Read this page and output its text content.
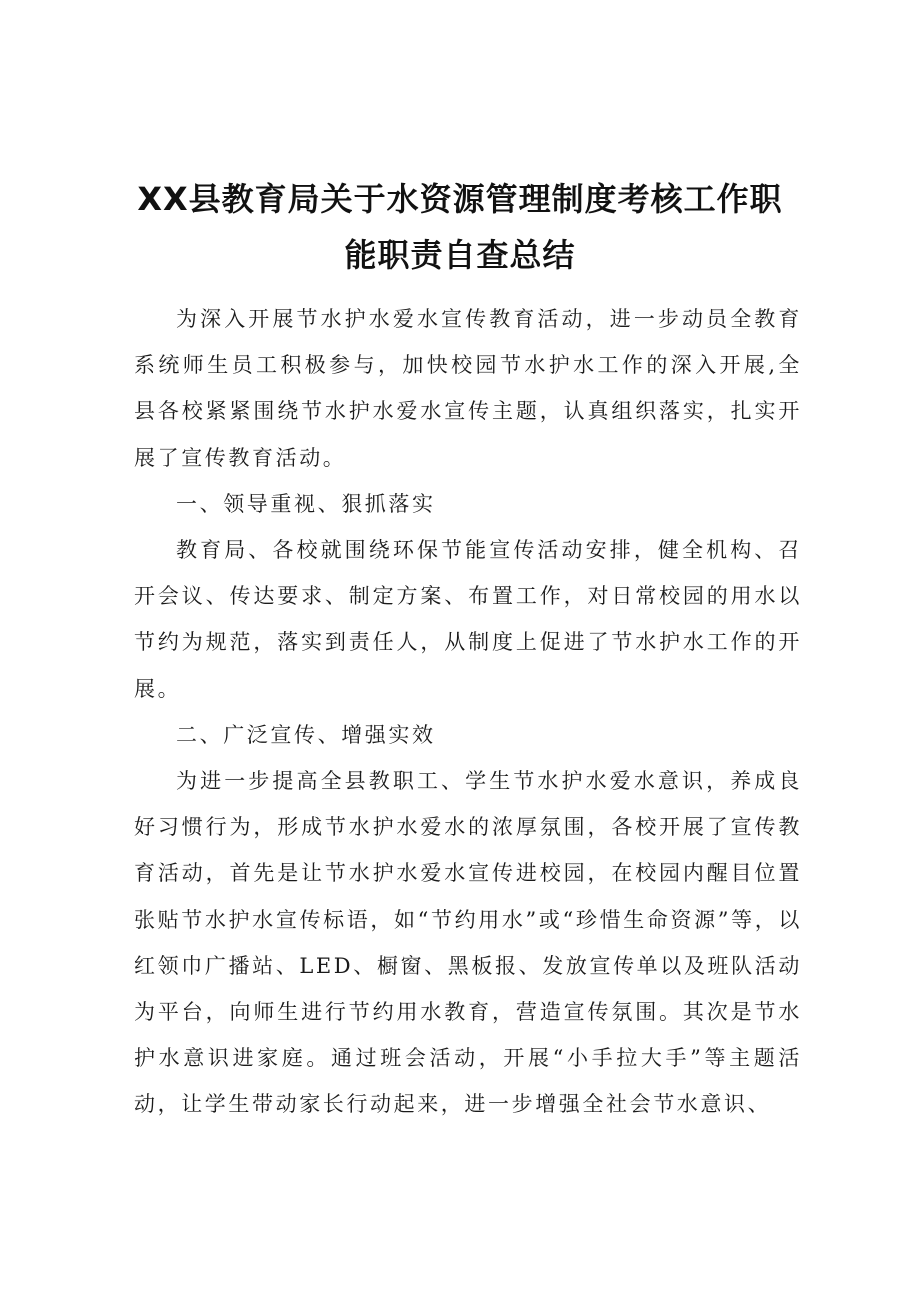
XX县教育局关于水资源管理制度考核工作职
能职责自查总结

为深入开展节水护水爱水宣传教育活动，进一步动员全教育系统师生员工积极参与，加快校园节水护水工作的深入开展,全县各校紧紧围绕节水护水爱水宣传主题，认真组织落实，扎实开展了宣传教育活动。

一、领导重视、狠抓落实

教育局、各校就围绕环保节能宣传活动安排，健全机构、召开会议、传达要求、制定方案、布置工作，对日常校园的用水以节约为规范，落实到责任人，从制度上促进了节水护水工作的开展。

二、广泛宣传、增强实效

为进一步提高全县教职工、学生节水护水爱水意识，养成良好习惯行为，形成节水护水爱水的浓厚氛围，各校开展了宣传教育活动，首先是让节水护水爱水宣传进校园，在校园内醒目位置张贴节水护水宣传标语，如“节约用水”或“珍惜生命资源”等，以红领巾广播站、LED、橱窗、黑板报、发放宣传单以及班队活动为平台，向师生进行节约用水教育，营造宣传氛围。其次是节水护水意识进家庭。通过班会活动，开展“小手拉大手”等主题活动，让学生带动家长行动起来，进一步增强全社会节水意识、
